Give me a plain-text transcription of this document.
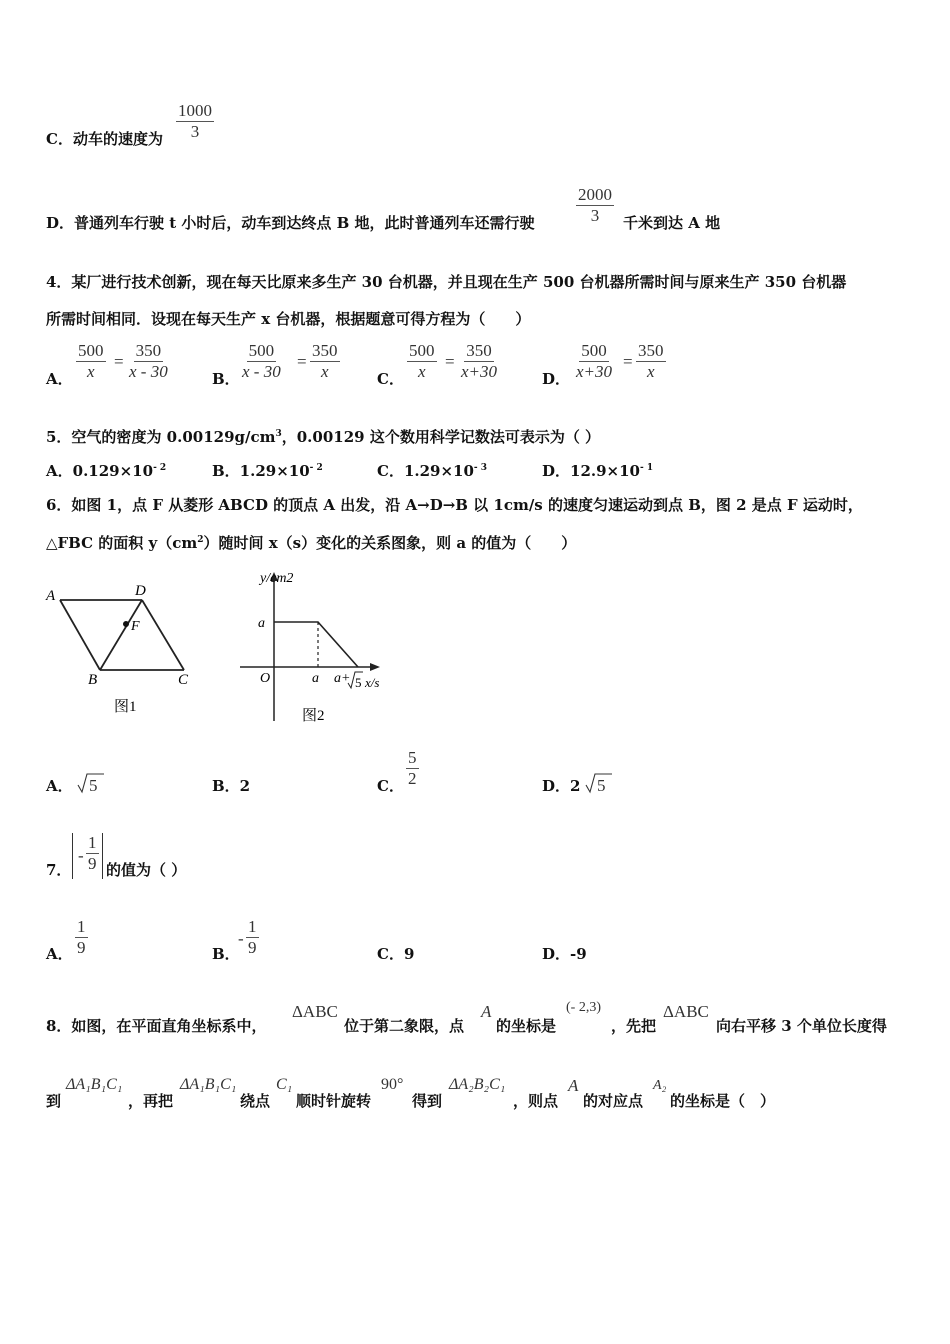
C．动车的速度为 $\frac{1000}{3}$
D．普通列车行驶 t 小时后，动车到达终点 B 地，此时普通列车还需行驶 $\frac{2000}{3}$ 千米到达 A 地
4．某厂进行技术创新，现在每天比原来多生产 30 台机器，并且现在生产 500 台机器所需时间与原来生产 350 台机器
所需时间相同．设现在每天生产 x 台机器，根据题意可得方程为（　　）
A． $\frac{500}{x} = \frac{350}{x - 30}$	B． $\frac{500}{x - 30} = \frac{350}{x}$	C． $\frac{500}{x} = \frac{350}{x+30}$	D． $\frac{500}{x+30} = \frac{350}{x}$
5．空气的密度为 $0.00129g/cm^3$，0.00129 这个数用科学记数法可表示为（ ）
A．$0.129\times 10^{- 2}$	B．$1.29\times 10^{- 2}$	C．$1.29\times 10^{- 3}$	D．$12.9\times 10^{- 1}$
6．如图 1，点 F 从菱形 ABCD 的顶点 A 出发，沿 A→D→B 以 1cm/s 的速度匀速运动到点 B，图 2 是点 F 运动时，
△FBC 的面积 $y(cm^2)$随时间 x（s）变化的关系图象，则 a 的值为（　　）
A	D
F
B	C
图1
y/cm2
a
O	a a+ 5 x/s
图2
A． 5	B．2	C． $\frac{5}{2}$	D．2 5
7．
- $\frac{1}{9}$ 的值为（ ）
A． $\frac{1}{9}$	B．
- $\frac{1}{9}$	C．9	D．-9
8．如图，在平面直角坐标系中，
ΔABC
位于第二象限，点
A
的坐标是
(- 2,3)
，先把
ΔABC
向右平移 3 个单位长度得
到
ΔA₁B₁C₁
，再把
ΔA₁B₁C₁
绕点
C₁
顺时针旋转
90°
得到
ΔA₂B₂C₁
，则点
A
的对应点
A₂
的坐标是（　）
